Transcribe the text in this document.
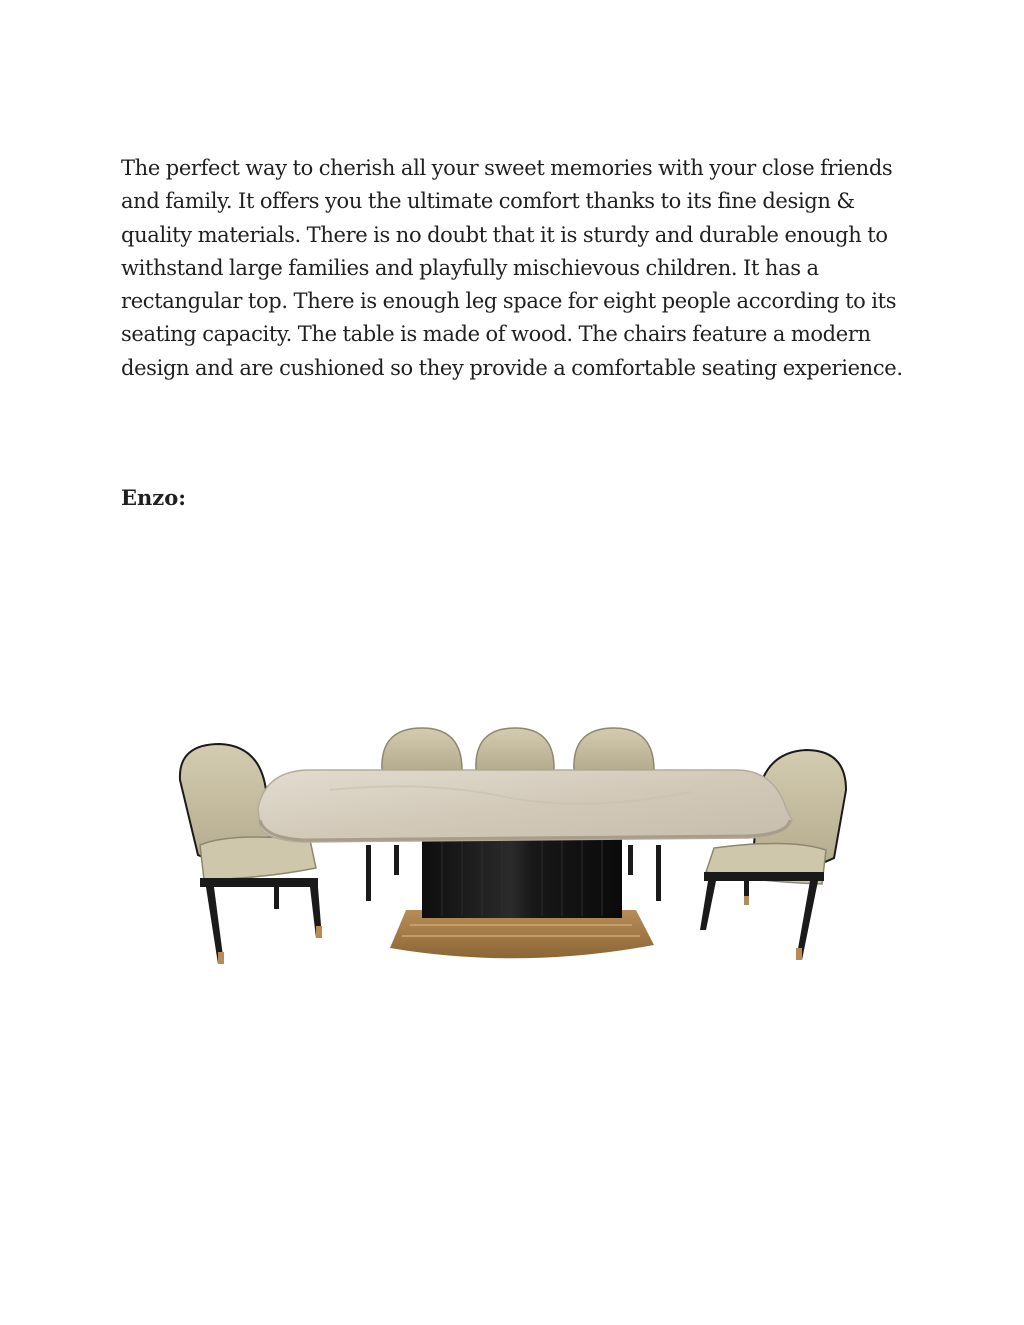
The perfect way to cherish all your sweet memories with your close friends and family. It offers you the ultimate comfort thanks to its fine design & quality materials. There is no doubt that it is sturdy and durable enough to withstand large families and playfully mischievous children. It has a rectangular top. There is enough leg space for eight people according to its seating capacity. The table is made of wood. The chairs feature a modern design and are cushioned so they provide a comfortable seating experience.

Enzo:
